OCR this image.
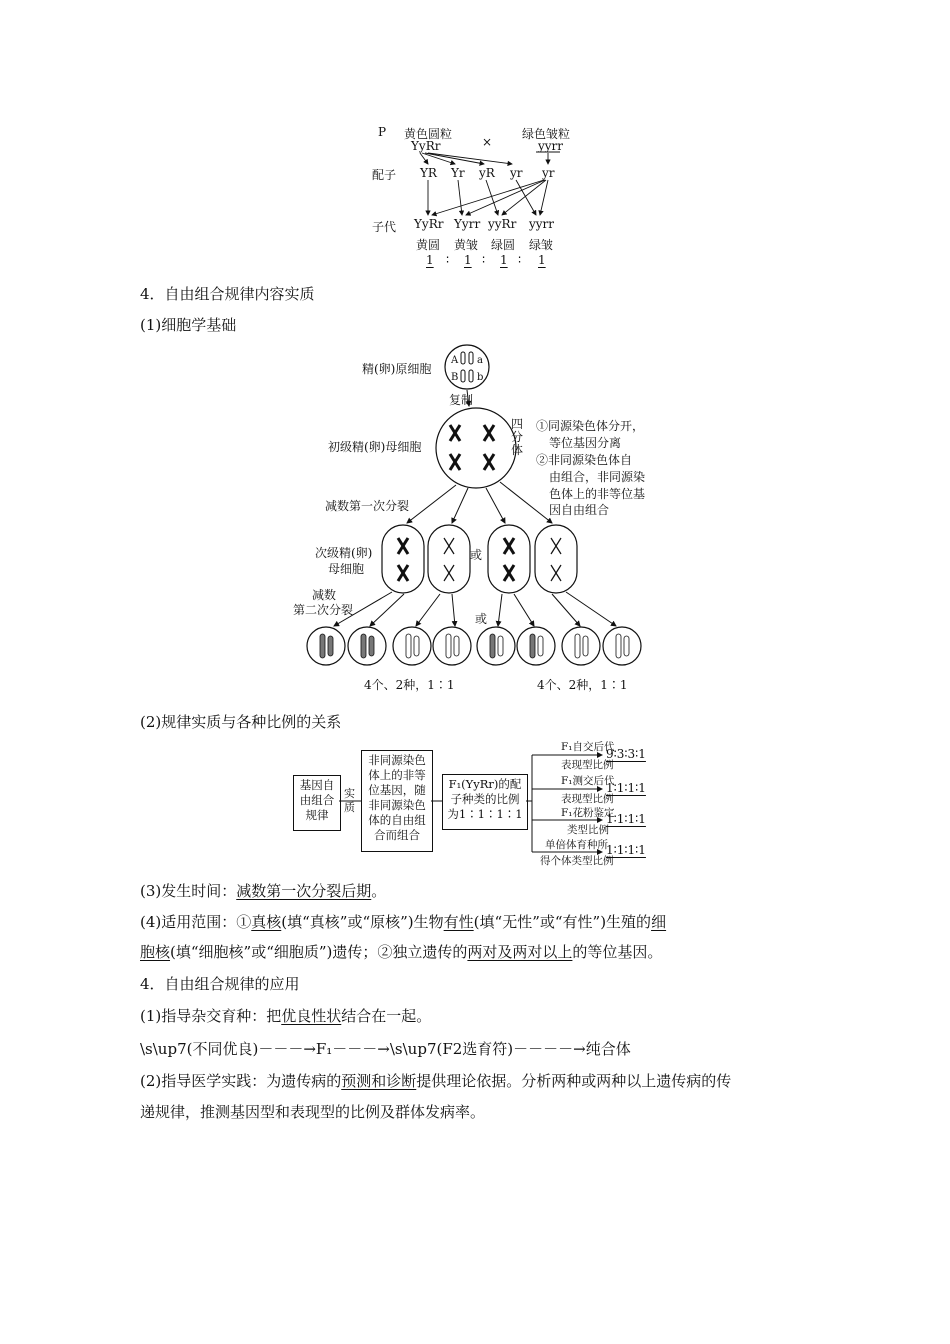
P 黄色圆粒
YyRr	×
绿色皱粒
yyrr
配子 YR Yr yR yr yr
子代 YyRr Yyrr yyRr yyrr
黄圆 黄皱 绿圆 绿皱
1 ∶ 1 ∶ 1 ∶ 1
4．自由组合规律内容实质
(1)细胞学基础
精(卵)原细胞
复制
初级精(卵)母细胞
四分体
①同源染色体分开，
等位基因分离
②非同源染色体自
由组合，非同源染
色体上的非等位基
因自由组合
减数第一次分裂
次级精(卵)
母细胞
或
减数
第二次分裂
或
4个、2种，1∶1	4个、2种，1∶1
A a
B b
(2)规律实质与各种比例的关系
基因自
由组合
规律
实
质
非同源染色
体上的非等
位基因，随
非同源染色
体的自由组
合而组合
F₁(YyRr)的配
子种类的比例
为1∶1∶1∶1
F₁自交后代
表现型比例
9∶3∶3∶1
F₁测交后代
表现型比例
1∶1∶1∶1
F₁花粉鉴定
类型比例
1∶1∶1∶1
单倍体育种所
得个体类型比例
1∶1∶1∶1
(3)发生时间：减数第一次分裂后期。
(4)适用范围：①真核(填“真核”或“原核”)生物有性(填“无性”或“有性”)生殖的细
胞核(填“细胞核”或“细胞质”)遗传；②独立遗传的两对及两对以上的等位基因。
4．自由组合规律的应用
(1)指导杂交育种：把优良性状结合在一起。
\s\up7(不同优良)－－－→F₁－－－→\s\up7(F2选育符)－－－－→纯合体
(2)指导医学实践：为遗传病的预测和诊断提供理论依据。分析两种或两种以上遗传病的传
递规律，推测基因型和表现型的比例及群体发病率。
